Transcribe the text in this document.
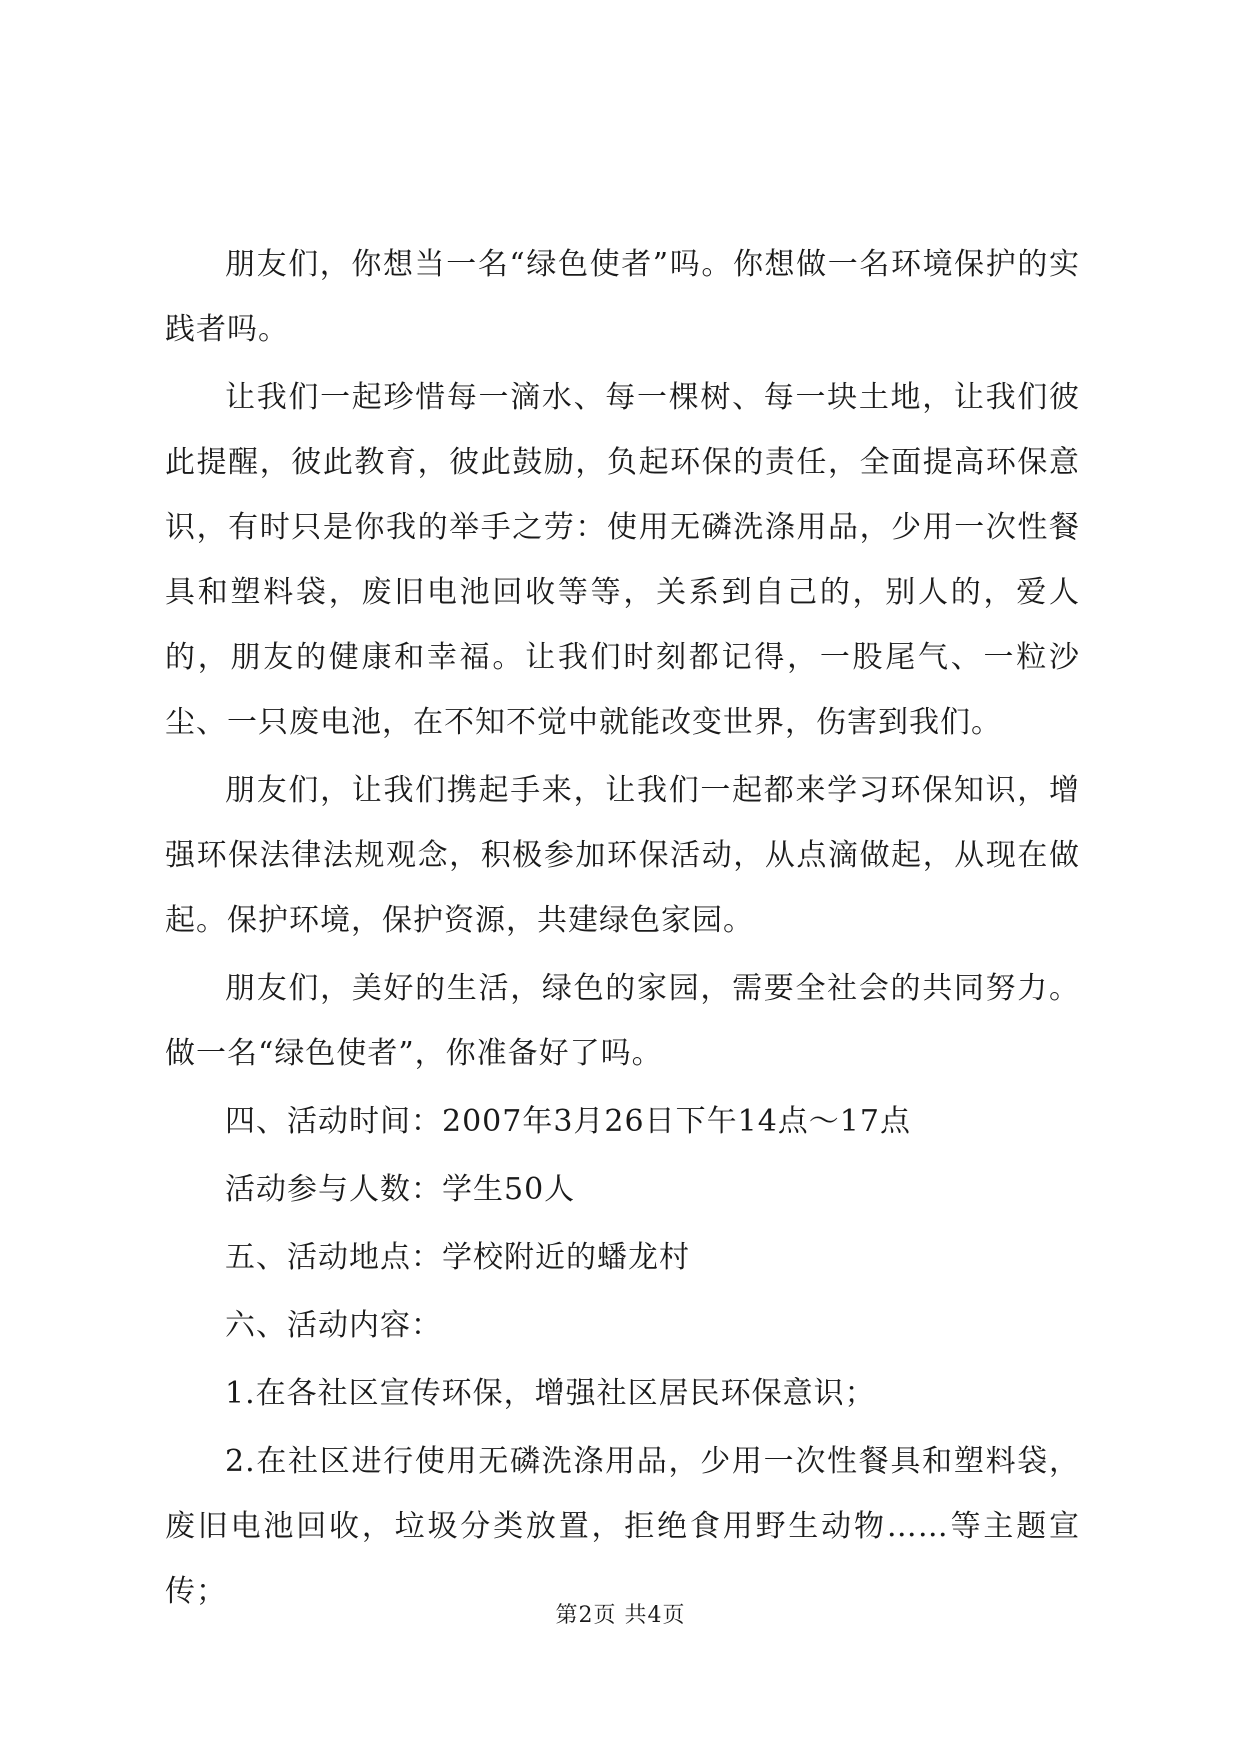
朋友们，你想当一名“绿色使者”吗。你想做一名环境保护的实践者吗。

让我们一起珍惜每一滴水、每一棵树、每一块土地，让我们彼此提醒，彼此教育，彼此鼓励，负起环保的责任，全面提高环保意识，有时只是你我的举手之劳：使用无磷洗涤用品，少用一次性餐具和塑料袋，废旧电池回收等等，关系到自己的，别人的，爱人的，朋友的健康和幸福。让我们时刻都记得，一股尾气、一粒沙尘、一只废电池，在不知不觉中就能改变世界，伤害到我们。

朋友们，让我们携起手来，让我们一起都来学习环保知识，增强环保法律法规观念，积极参加环保活动，从点滴做起，从现在做起。保护环境，保护资源，共建绿色家园。

朋友们，美好的生活，绿色的家园，需要全社会的共同努力。做一名“绿色使者”，你准备好了吗。

四、活动时间：2007年3月26日下午14点～17点

活动参与人数：学生50人

五、活动地点：学校附近的蟠龙村

六、活动内容：

1.在各社区宣传环保，增强社区居民环保意识；

2.在社区进行使用无磷洗涤用品，少用一次性餐具和塑料袋，废旧电池回收，垃圾分类放置，拒绝食用野生动物……等主题宣传；

第2页 共4页
